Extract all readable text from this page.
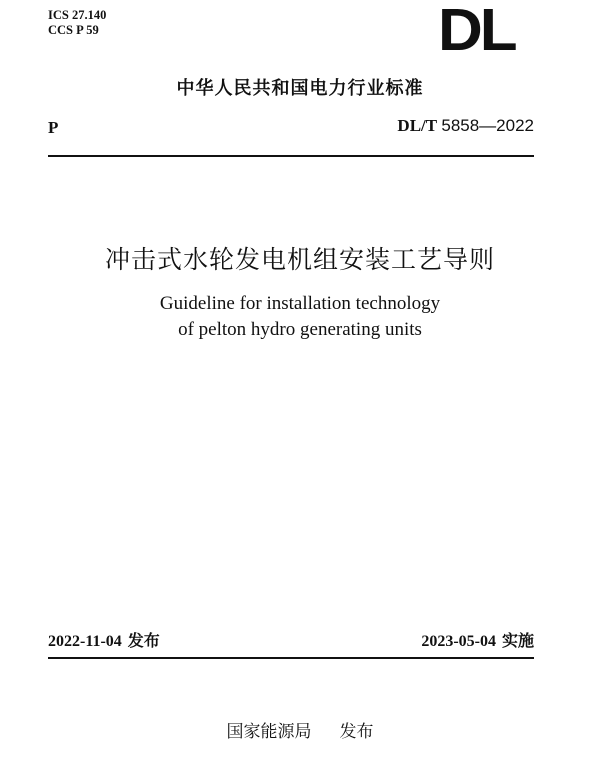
ICS 27.140
CCS P 59	DL
中华人民共和国电力行业标准
P	DL/T 5858—2022
冲击式水轮发电机组安装工艺导则
Guideline for installation technology
of pelton hydro generating units
2022-11-04 发布	2023-05-04 实施
国家能源局 发布
